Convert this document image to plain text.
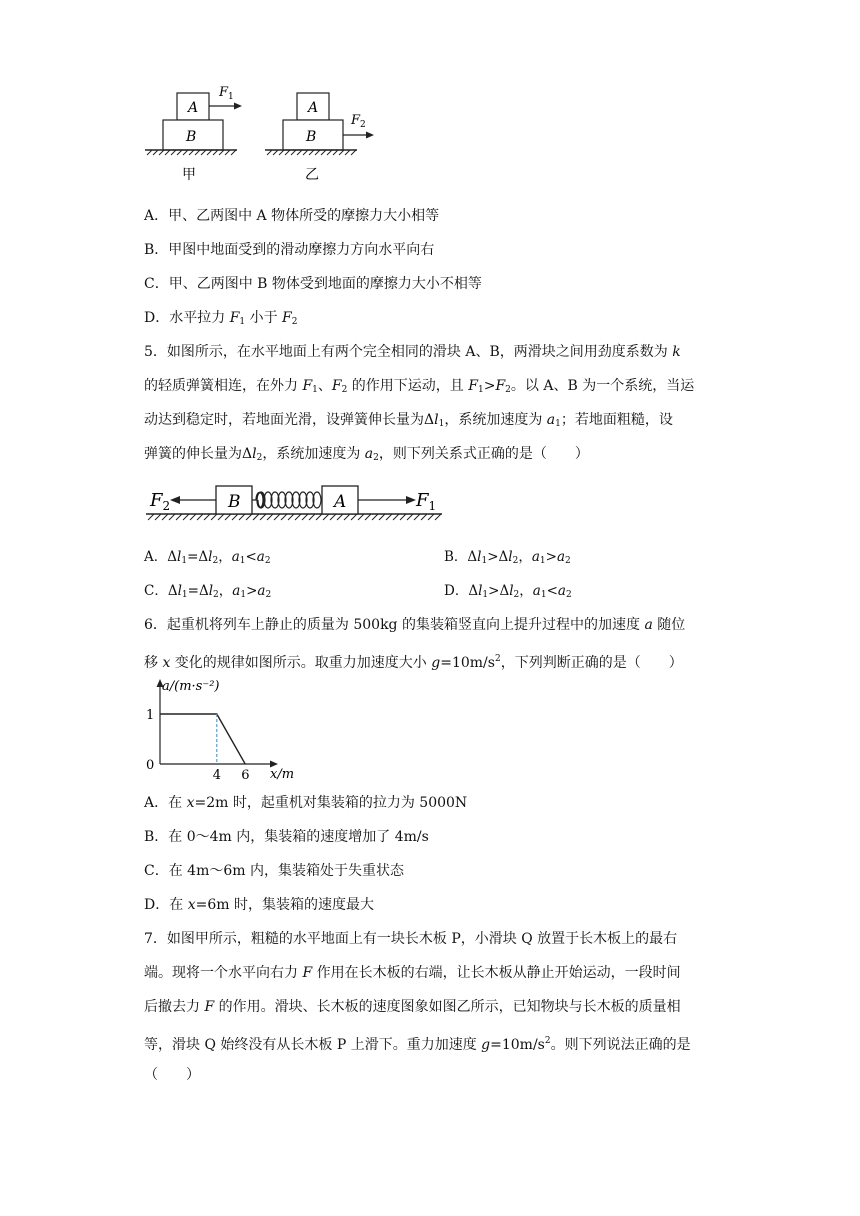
A
B
$F_1$
甲
A
B
$F_2$
乙
A．甲、乙两图中 A 物体所受的摩擦力大小相等
B．甲图中地面受到的滑动摩擦力方向水平向右
C．甲、乙两图中 B 物体受到地面的摩擦力大小不相等
D．水平拉力 $F_1$ 小于 $F_2$
5．如图所示，在水平地面上有两个完全相同的滑块 A、B，两滑块之间用劲度系数为 k
的轻质弹簧相连，在外力 $F_1$、$F_2$ 的作用下运动，且 $F_1>F_2$。以 A、B 为一个系统，当运
动达到稳定时，若地面光滑，设弹簧伸长量为$\Delta l_1$，系统加速度为 $a_1$；若地面粗糙，设
弹簧的伸长量为$\Delta l_2$，系统加速度为 $a_2$，则下列关系式正确的是（　　）
B	A
$F_2$	$F_1$
A．$\Delta l_1=\Delta l_2$，$a_1<a_2$	B．$\Delta l_1>\Delta l_2$，$a_1>a_2$
C．$\Delta l_1=\Delta l_2$，$a_1>a_2$	D．$\Delta l_1>\Delta l_2$，$a_1<a_2$
6．起重机将列车上静止的质量为 500kg 的集装箱竖直向上提升过程中的加速度 a 随位
移 x 变化的规律如图所示。取重力加速度大小 $g=10m/s^2$，下列判断正确的是（　　）
a/(m·s⁻²)
x/m
4 6
1
0
A．在 x=2m 时，起重机对集装箱的拉力为 5000N
B．在 0～4m 内，集装箱的速度增加了 4m/s
C．在 4m～6m 内，集装箱处于失重状态
D．在 x=6m 时，集装箱的速度最大
7．如图甲所示，粗糙的水平地面上有一块长木板 P，小滑块 Q 放置于长木板上的最右
端。现将一个水平向右力 F 作用在长木板的右端，让长木板从静止开始运动，一段时间
后撤去力 F 的作用。滑块、长木板的速度图象如图乙所示，已知物块与长木板的质量相
等，滑块 Q 始终没有从长木板 P 上滑下。重力加速度 $g=10m/s^2$。则下列说法正确的是
（　　）
